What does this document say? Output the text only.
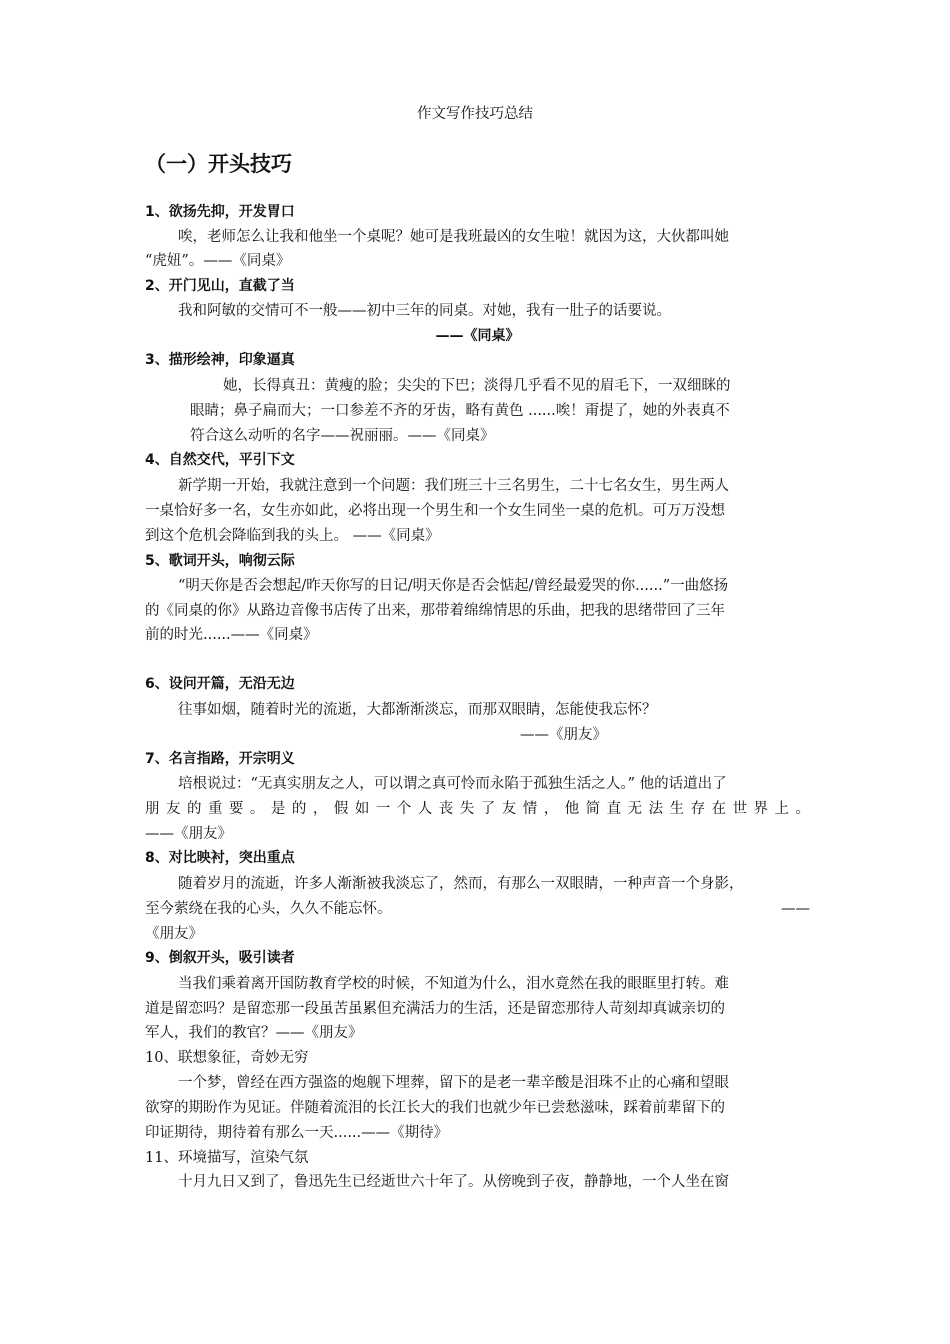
作文写作技巧总结
（一）开头技巧
1、欲扬先抑，开发胃口
唉，老师怎么让我和他坐一个桌呢？她可是我班最凶的女生啦！就因为这，大伙都叫她
“虎妞”。——《同桌》
2、开门见山，直截了当
我和阿敏的交情可不一般——初中三年的同桌。对她，我有一肚子的话要说。
——《同桌》
3、描形绘神，印象逼真
她，长得真丑：黄瘦的脸；尖尖的下巴；淡得几乎看不见的眉毛下，一双细眯的
眼睛；鼻子扁而大；一口参差不齐的牙齿，略有黄色 ......唉！甭提了，她的外表真不
符合这么动听的名字——祝丽丽。——《同桌》
4、自然交代，平引下文
新学期一开始，我就注意到一个问题：我们班三十三名男生，二十七名女生，男生两人
一桌恰好多一名，女生亦如此，必将出现一个男生和一个女生同坐一桌的危机。可万万没想
到这个危机会降临到我的头上。 ——《同桌》
5、歌词开头，响彻云际
“明天你是否会想起/昨天你写的日记/明天你是否会惦起/曾经最爱哭的你......”一曲悠扬
的《同桌的你》从路边音像书店传了出来，那带着绵绵情思的乐曲，把我的思绪带回了三年
前的时光......——《同桌》
6、设问开篇，无沿无边
往事如烟，随着时光的流逝，大都渐渐淡忘，而那双眼睛，怎能使我忘怀？
——《朋友》
7、名言指路，开宗明义
培根说过：“无真实朋友之人，可以谓之真可怜而永陷于孤独生活之人。” 他的话道出了
朋友的重要。是的，假如一个人丧失了友情，他简直无法生存在世界上。
——《朋友》
8、对比映衬，突出重点
随着岁月的流逝，许多人渐渐被我淡忘了，然而，有那么一双眼睛，一种声音一个身影，
至今萦绕在我的心头，久久不能忘怀。	——
《朋友》
9、倒叙开头，吸引读者
当我们乘着离开国防教育学校的时候，不知道为什么，泪水竟然在我的眼眶里打转。难
道是留恋吗？是留恋那一段虽苦虽累但充满活力的生活，还是留恋那待人苛刻却真诚亲切的
军人，我们的教官？——《朋友》
10、联想象征，奇妙无穷
一个梦，曾经在西方强盗的炮舰下埋葬，留下的是老一辈辛酸是泪珠不止的心痛和望眼
欲穿的期盼作为见证。伴随着流泪的长江长大的我们也就少年已尝愁滋味，踩着前辈留下的
印证期待，期待着有那么一天......——《期待》
11、环境描写，渲染气氛
十月九日又到了，鲁迅先生已经逝世六十年了。从傍晚到子夜，静静地，一个人坐在窗
